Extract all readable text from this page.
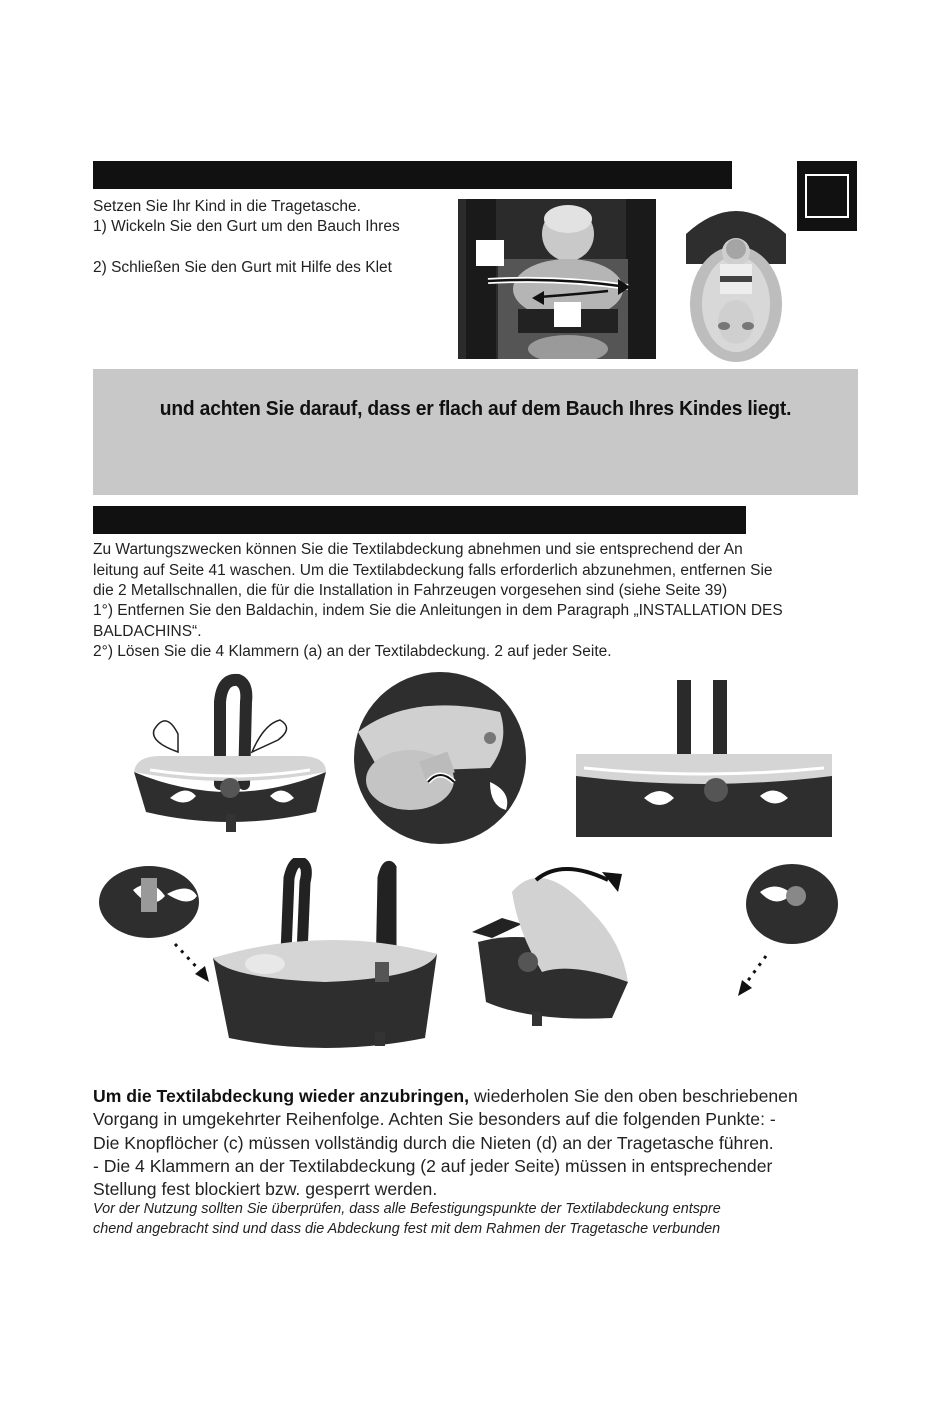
Setzen Sie Ihr Kind in die Tragetasche.
1) Wickeln Sie den Gurt um den Bauch Ihres
2) Schließen Sie den Gurt mit Hilfe des Klet
und achten Sie darauf, dass er flach auf dem Bauch Ihres Kindes liegt.
Zu Wartungszwecken können Sie die Textilabdeckung abnehmen und sie entsprechend der An
leitung auf Seite 41 waschen. Um die Textilabdeckung falls erforderlich abzunehmen, entfernen Sie
die 2 Metallschnallen, die für die Installation in Fahrzeugen vorgesehen sind (siehe Seite 39)
1°) Entfernen Sie den Baldachin, indem Sie die Anleitungen in dem Paragraph „INSTALLATION DES
BALDACHINS“.
2°) Lösen Sie die 4 Klammern (a) an der Textilabdeckung. 2 auf jeder Seite.
Um die Textilabdeckung wieder anzubringen, wiederholen Sie den oben beschriebenen
Vorgang in umgekehrter Reihenfolge. Achten Sie besonders auf die folgenden Punkte: -
Die Knopflöcher (c) müssen vollständig durch die Nieten (d) an der Tragetasche führen.
- Die 4 Klammern an der Textilabdeckung (2 auf jeder Seite) müssen in entsprechender
Stellung fest blockiert bzw. gesperrt werden.
Vor der Nutzung sollten Sie überprüfen, dass alle Befestigungspunkte der Textilabdeckung entspre
chend angebracht sind und dass die Abdeckung fest mit dem Rahmen der Tragetasche verbunden
